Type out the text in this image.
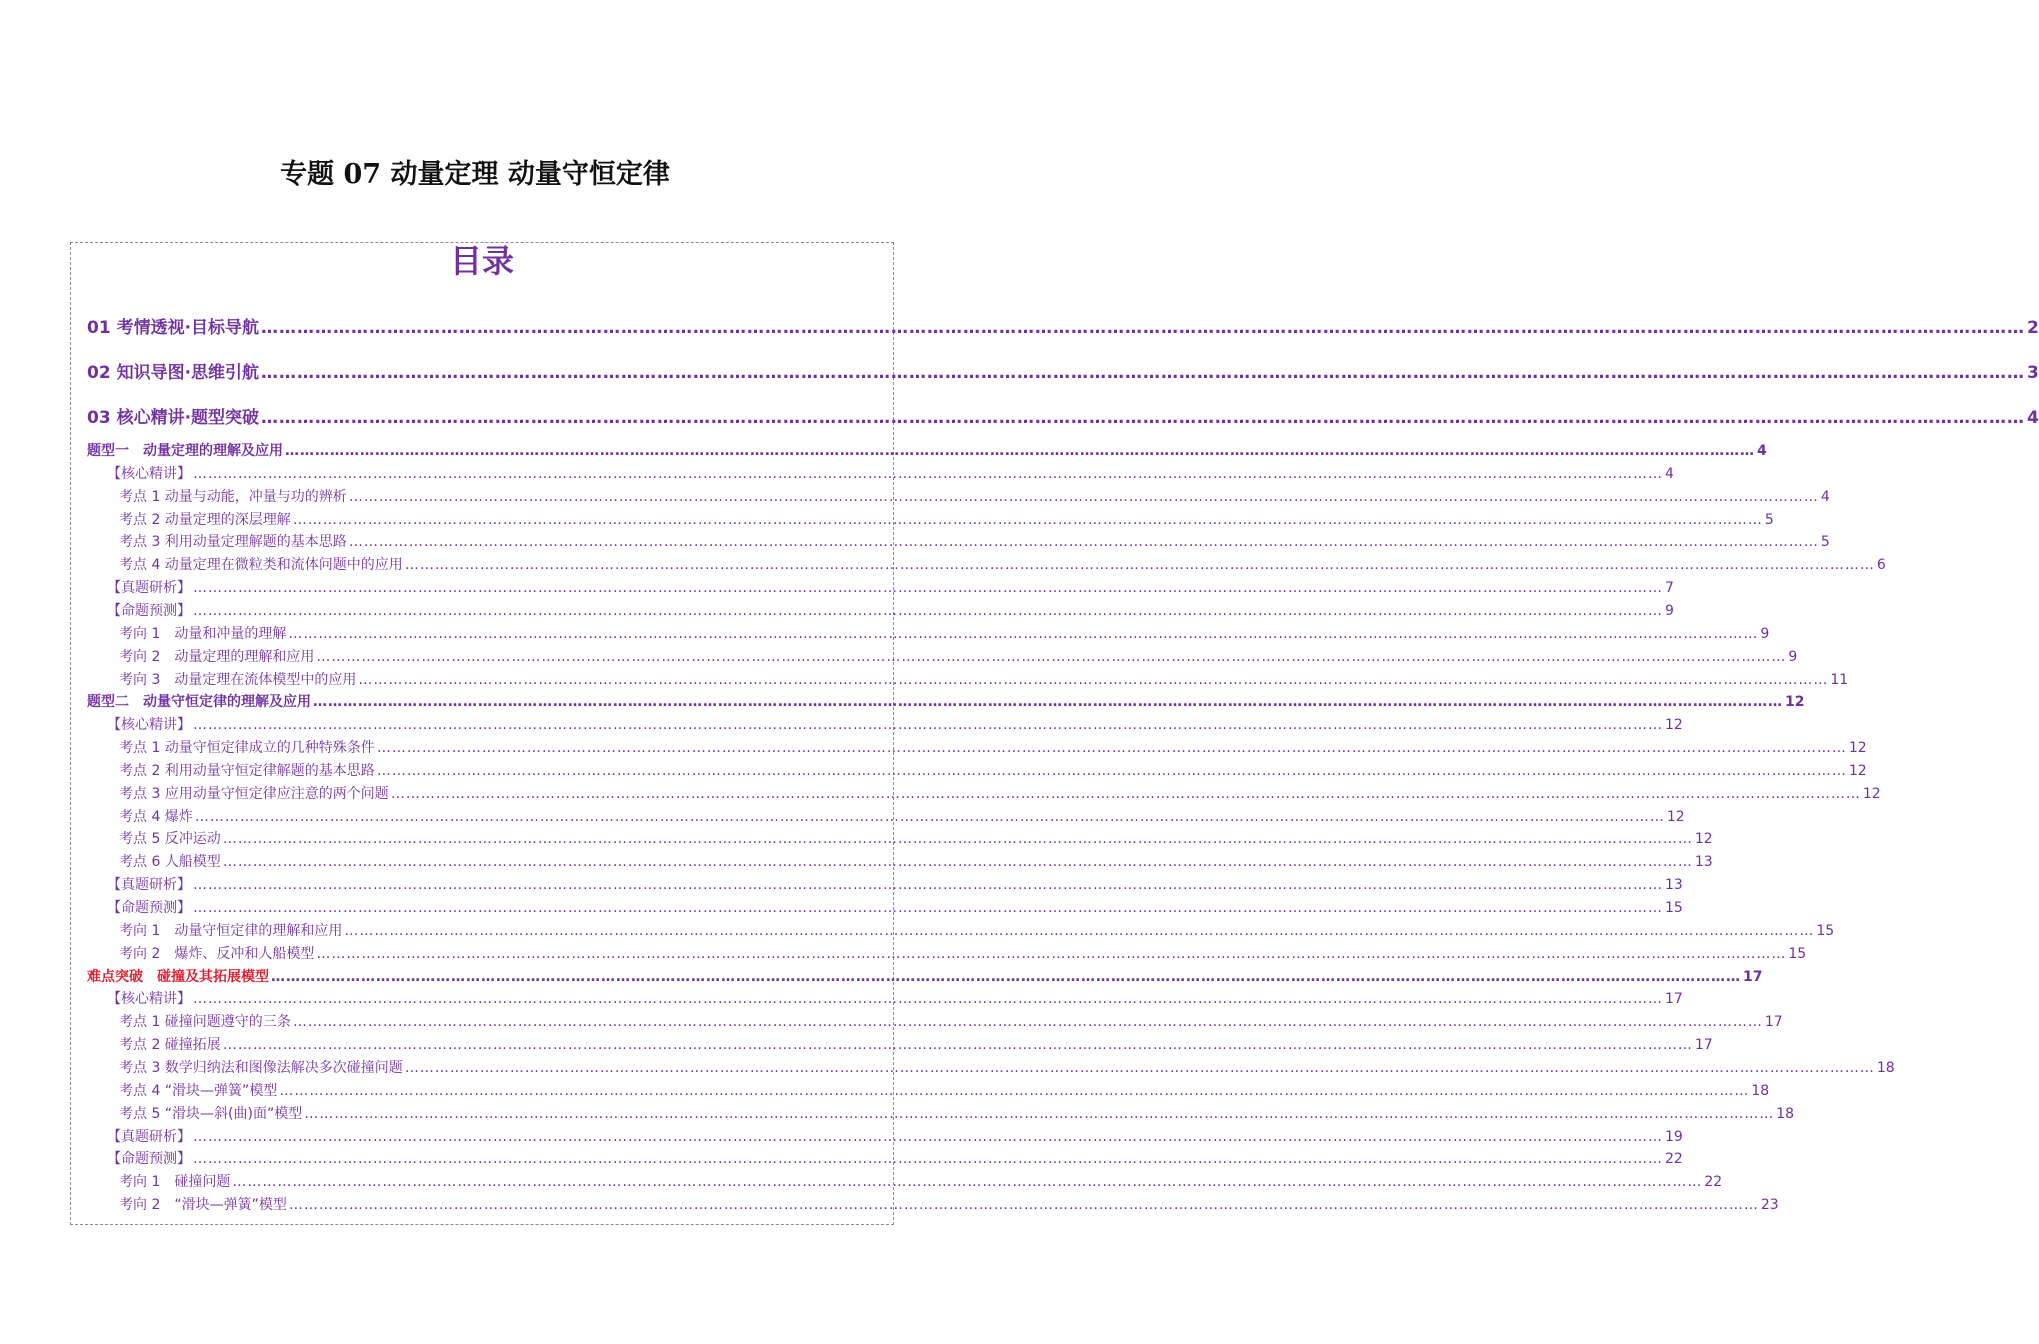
专题 07 动量定理 动量守恒定律
目录
01 考情透视·目标导航 …………………………………………………………………………………………………………………………………………………………………………………………………………………………………………………………………… 2
02 知识导图·思维引航 …………………………………………………………………………………………………………………………………………………………………………………………………………………………………………………………………… 3
03 核心精讲·题型突破 …………………………………………………………………………………………………………………………………………………………………………………………………………………………………………………………………… 4
题型一　动量定理的理解及应用 …………………………………………………………………………………………………………………………………………………………………………………………………………………………………………………………………… 4
【核心精讲】 …………………………………………………………………………………………………………………………………………………………………………………………………………………………………………………………………… 4
考点 1 动量与动能，冲量与功的辨析 …………………………………………………………………………………………………………………………………………………………………………………………………………………………………………………………………… 4
考点 2 动量定理的深层理解 …………………………………………………………………………………………………………………………………………………………………………………………………………………………………………………………………… 5
考点 3 利用动量定理解题的基本思路 …………………………………………………………………………………………………………………………………………………………………………………………………………………………………………………………………… 5
考点 4 动量定理在微粒类和流体问题中的应用 …………………………………………………………………………………………………………………………………………………………………………………………………………………………………………………………………… 6
【真题研析】 …………………………………………………………………………………………………………………………………………………………………………………………………………………………………………………………………… 7
【命题预测】 …………………………………………………………………………………………………………………………………………………………………………………………………………………………………………………………………… 9
考向 1　动量和冲量的理解 …………………………………………………………………………………………………………………………………………………………………………………………………………………………………………………………………… 9
考向 2　动量定理的理解和应用 …………………………………………………………………………………………………………………………………………………………………………………………………………………………………………………………………… 9
考向 3　动量定理在流体模型中的应用 …………………………………………………………………………………………………………………………………………………………………………………………………………………………………………………………………… 11
题型二　动量守恒定律的理解及应用 …………………………………………………………………………………………………………………………………………………………………………………………………………………………………………………………………… 12
【核心精讲】 …………………………………………………………………………………………………………………………………………………………………………………………………………………………………………………………………… 12
考点 1 动量守恒定律成立的几种特殊条件 …………………………………………………………………………………………………………………………………………………………………………………………………………………………………………………………………… 12
考点 2 利用动量守恒定律解题的基本思路 …………………………………………………………………………………………………………………………………………………………………………………………………………………………………………………………………… 12
考点 3 应用动量守恒定律应注意的两个问题 …………………………………………………………………………………………………………………………………………………………………………………………………………………………………………………………………… 12
考点 4 爆炸 …………………………………………………………………………………………………………………………………………………………………………………………………………………………………………………………………… 12
考点 5 反冲运动 …………………………………………………………………………………………………………………………………………………………………………………………………………………………………………………………………… 12
考点 6 人船模型 …………………………………………………………………………………………………………………………………………………………………………………………………………………………………………………………………… 13
【真题研析】 …………………………………………………………………………………………………………………………………………………………………………………………………………………………………………………………………… 13
【命题预测】 …………………………………………………………………………………………………………………………………………………………………………………………………………………………………………………………………… 15
考向 1　动量守恒定律的理解和应用 …………………………………………………………………………………………………………………………………………………………………………………………………………………………………………………………………… 15
考向 2　爆炸、反冲和人船模型 …………………………………………………………………………………………………………………………………………………………………………………………………………………………………………………………………… 15
难点突破　碰撞及其拓展模型 …………………………………………………………………………………………………………………………………………………………………………………………………………………………………………………………………… 17
【核心精讲】 …………………………………………………………………………………………………………………………………………………………………………………………………………………………………………………………………… 17
考点 1 碰撞问题遵守的三条 …………………………………………………………………………………………………………………………………………………………………………………………………………………………………………………………………… 17
考点 2 碰撞拓展 …………………………………………………………………………………………………………………………………………………………………………………………………………………………………………………………………… 17
考点 3 数学归纳法和图像法解决多次碰撞问题 …………………………………………………………………………………………………………………………………………………………………………………………………………………………………………………………………… 18
考点 4 “滑块—弹簧”模型 …………………………………………………………………………………………………………………………………………………………………………………………………………………………………………………………………… 18
考点 5 “滑块—斜(曲)面”模型 …………………………………………………………………………………………………………………………………………………………………………………………………………………………………………………………………… 18
【真题研析】 …………………………………………………………………………………………………………………………………………………………………………………………………………………………………………………………………… 19
【命题预测】 …………………………………………………………………………………………………………………………………………………………………………………………………………………………………………………………………… 22
考向 1　碰撞问题 …………………………………………………………………………………………………………………………………………………………………………………………………………………………………………………………………… 22
考向 2　“滑块—弹簧”模型 …………………………………………………………………………………………………………………………………………………………………………………………………………………………………………………………………… 23
